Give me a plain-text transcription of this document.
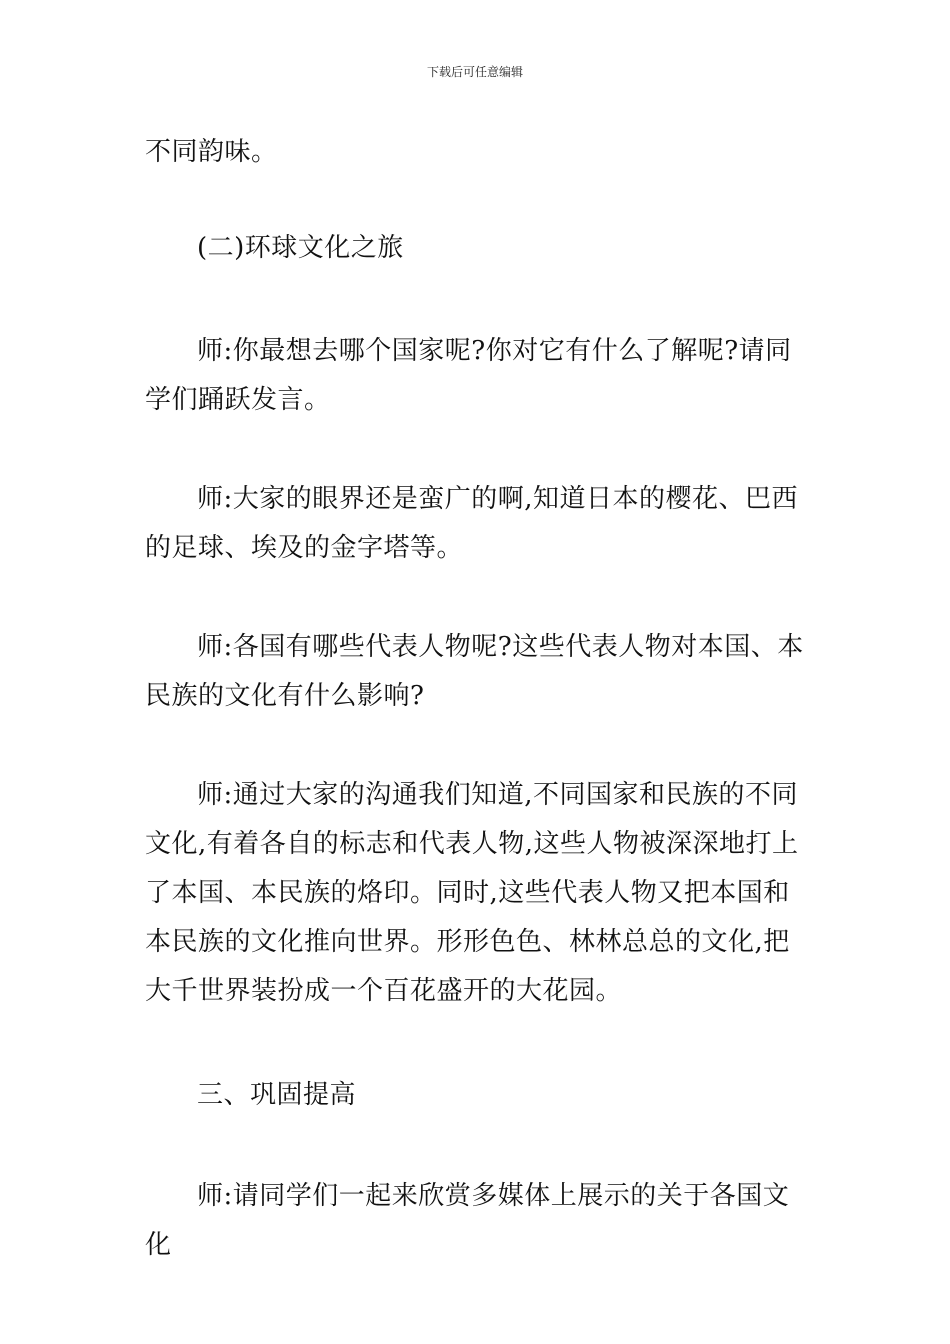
下载后可任意编辑

不同韵味。

(二)环球文化之旅

师:你最想去哪个国家呢?你对它有什么了解呢?请同学们踊跃发言。

师:大家的眼界还是蛮广的啊,知道日本的樱花、巴西的足球、埃及的金字塔等。

师:各国有哪些代表人物呢?这些代表人物对本国、本民族的文化有什么影响?

师:通过大家的沟通我们知道,不同国家和民族的不同文化,有着各自的标志和代表人物,这些人物被深深地打上了本国、本民族的烙印。同时,这些代表人物又把本国和本民族的文化推向世界。形形色色、林林总总的文化,把大千世界装扮成一个百花盛开的大花园。

三、巩固提高

师:请同学们一起来欣赏多媒体上展示的关于各国文化
